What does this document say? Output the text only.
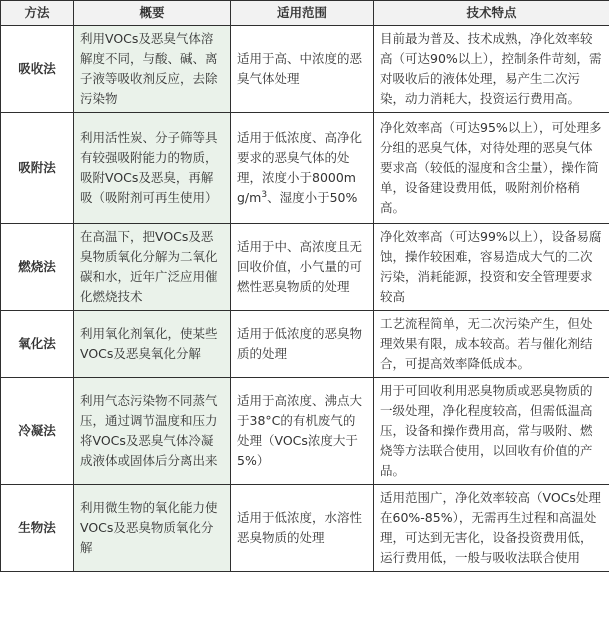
方法	概要	适用范围	技术特点
吸收法	利用VOCs及恶臭气体溶解度不同，与酸、碱、离子液等吸收剂反应，去除污染物	适用于高、中浓度的恶臭气体处理	目前最为普及、技术成熟，净化效率较高（可达90%以上），控制条件苛刻，需对吸收后的液体处理，易产生二次污染，动力消耗大，投资运行费用高。
吸附法	利用活性炭、分子筛等具有较强吸附能力的物质，吸附VOCs及恶臭，再解吸（吸附剂可再生使用）	适用于低浓度、高净化要求的恶臭气体的处理，浓度小于8000m $g/m^3$、湿度小于50%	净化效率高（可达95%以上），可处理多分组的恶臭气体，对待处理的恶臭气体要求高（较低的湿度和含尘量），操作简单，设备建设费用低，吸附剂价格稍高。
燃烧法	在高温下，把VOCs及恶臭物质氧化分解为二氧化碳和水，近年广泛应用催化燃烧技术	适用于中、高浓度且无回收价值，小气量的可燃性恶臭物质的处理	净化效率高（可达99%以上），设备易腐蚀，操作较困难，容易造成大气的二次污染，消耗能源，投资和安全管理要求较高
氧化法	利用氧化剂氧化，使某些VOCs及恶臭氧化分解	适用于低浓度的恶臭物质的处理	工艺流程简单，无二次污染产生，但处理效果有限，成本较高。若与催化剂结合，可提高效率降低成本。
冷凝法	利用气态污染物不同蒸气压，通过调节温度和压力将VOCs及恶臭气体冷凝成液体或固体后分离出来	适用于高浓度、沸点大于38°C的有机废气的处理（VOCs浓度大于5%）	用于可回收利用恶臭物质或恶臭物质的一级处理，净化程度较高，但需低温高压，设备和操作费用高，常与吸附、燃烧等方法联合使用，以回收有价值的产品。
生物法	利用微生物的氧化能力使VOCs及恶臭物质氧化分解	适用于低浓度，水溶性恶臭物质的处理	适用范围广，净化效率较高（VOCs处理在60%-85%），无需再生过程和高温处理，可达到无害化，设备投资费用低，运行费用低，一般与吸收法联合使用
